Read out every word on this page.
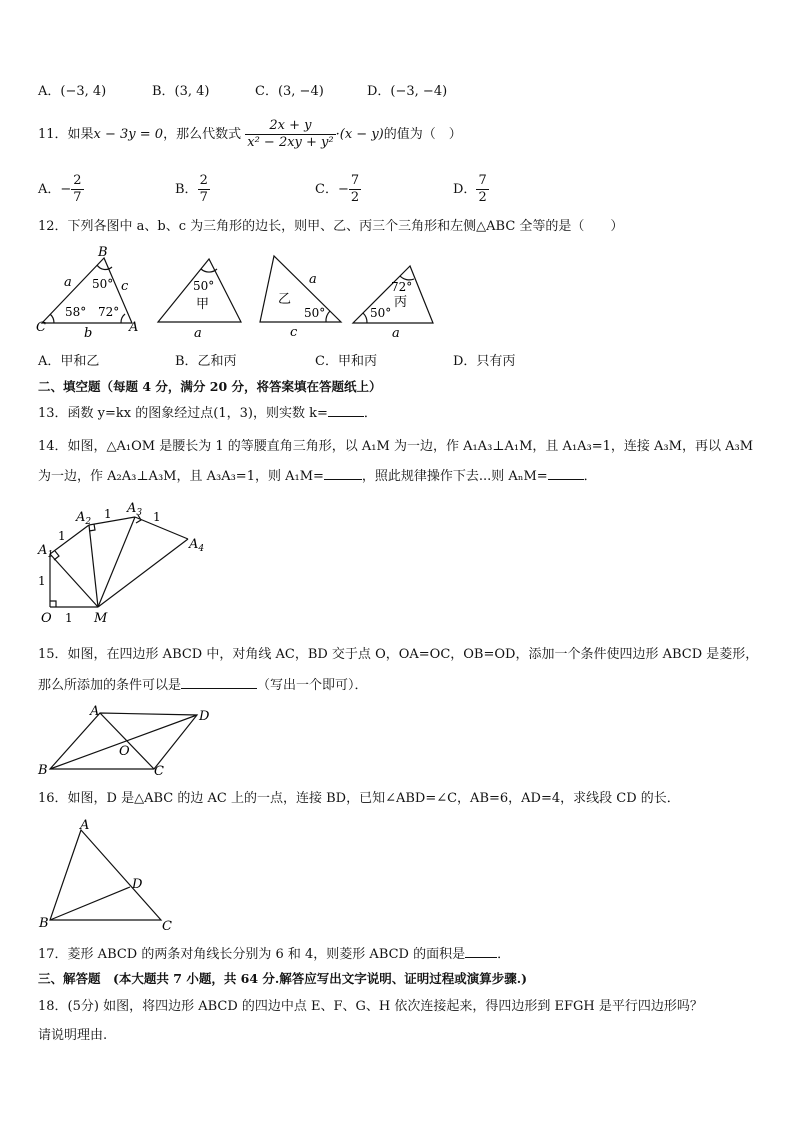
A．(−3, 4)	B．(3, 4)	C．(3, −4)	D．(−3, −4)
11．如果x − 3y = 0，那么代数式 $\frac{2x + y}{\text{x² − 2xy + y²}} \cdot(x - y)$的值为（　）
A．− $\frac{2}{7}$	B． $\frac{2}{7}$	C．− $\frac{7}{2}$	D． $\frac{7}{2}$
12．下列各图中 a、b、c 为三角形的边长，则甲、乙、丙三个三角形和左侧△ABC 全等的是（　　）
B
C	A
a	c
b
50°
58° 72°
50°
甲
a
乙
a
c
50°
72°
丙
50°
a
A．甲和乙	B．乙和丙	C．甲和丙	D．只有丙
二、填空题（每题 4 分，满分 20 分，将答案填在答题纸上）
13．函数 y=kx 的图象经过点(1，3)，则实数 k=	．
14．如图，△A₁OM 是腰长为 1 的等腰直角三角形，以 A₁M 为一边，作 A₁A₃⊥A₁M，且 A₁A₃=1，连接 A₃M，再以 A₃M
为一边，作 A₂A₃⊥A₃M，且 A₃A₃=1，则 A₁M=	，照此规律操作下去...则 AₙM=	．
O 1 M
1
$A_1$
1
$A_2$
1 $A_3$ 1
$A_4$
15．如图，在四边形 ABCD 中，对角线 AC，BD 交于点 O，OA=OC，OB=OD，添加一个条件使四边形 ABCD 是菱形，
那么所添加的条件可以是	（写出一个即可）．
A	D
B	C
O
16．如图，D 是△ABC 的边 AC 上的一点，连接 BD，已知∠ABD=∠C，AB=6，AD=4，求线段 CD 的长．
A
D
B	C
17．菱形 ABCD 的两条对角线长分别为 6 和 4，则菱形 ABCD 的面积是 ．
三、解答题　(本大题共 7 小题，共 64 分.解答应写出文字说明、证明过程或演算步骤.)
18．(5分) 如图，将四边形 ABCD 的四边中点 E、F、G、H 依次连接起来，得四边形到 EFGH 是平行四边形吗？
请说明理由.
